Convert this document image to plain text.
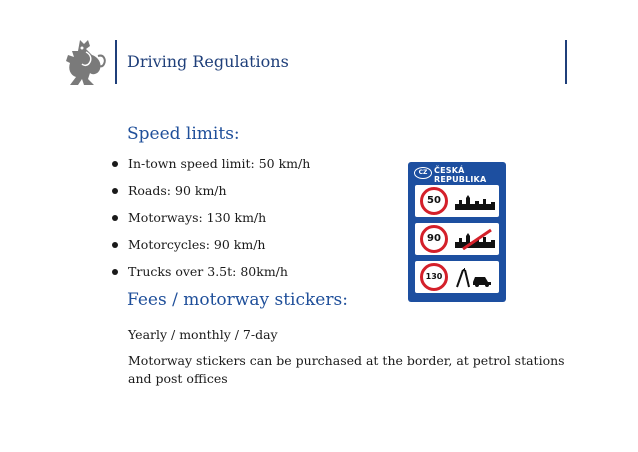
Driving Regulations
Speed limits:
In-town speed limit: 50 km/h
Roads: 90 km/h
Motorways: 130 km/h
Motorcycles: 90 km/h
Trucks over 3.5t: 80km/h
Fees / motorway stickers:
Yearly / monthly / 7-day
Motorway stickers can be purchased at the border, at petrol stations and post offices
CZ ČESKÁ REPUBLIKA
50
90
130
